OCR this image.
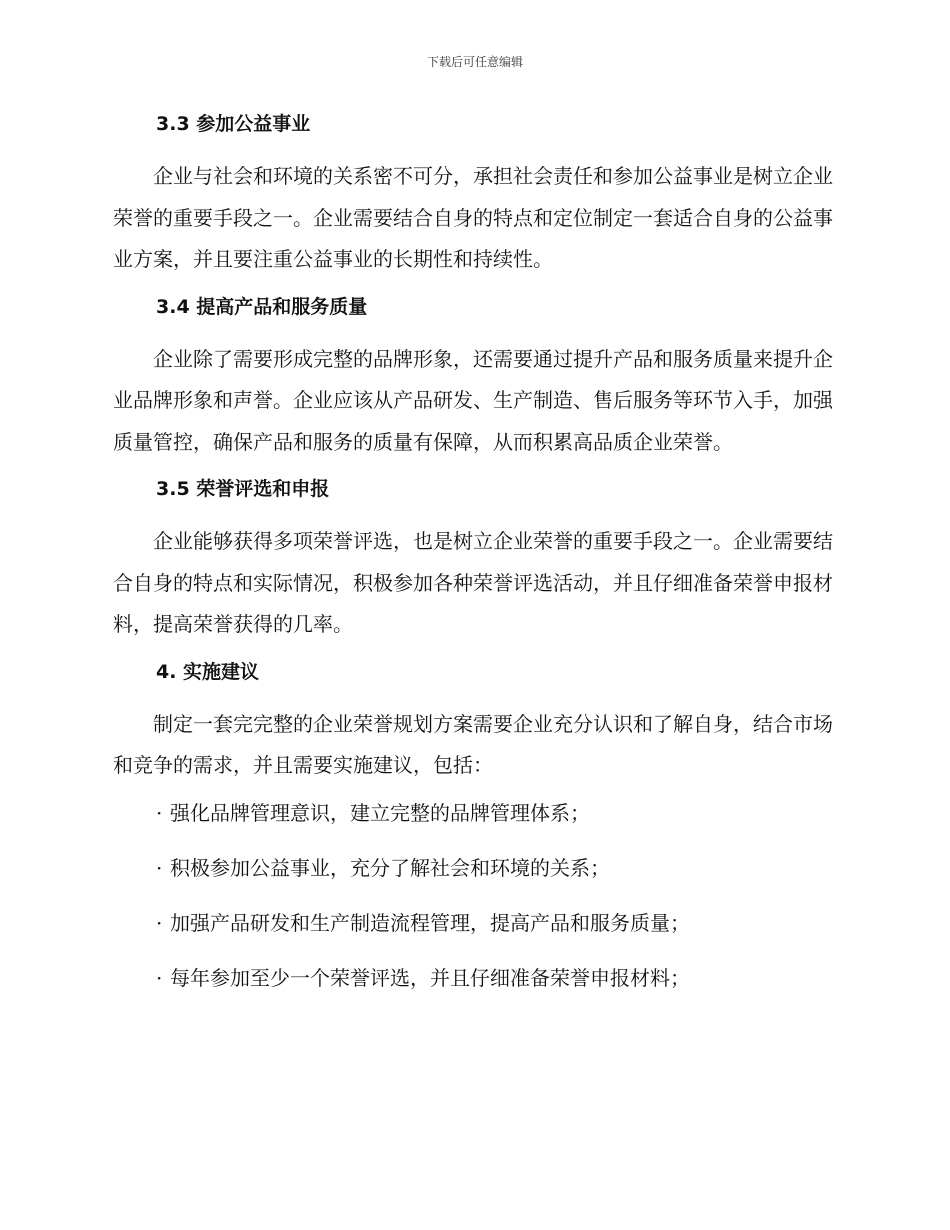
下载后可任意编辑
3.3 参加公益事业
企业与社会和环境的关系密不可分，承担社会责任和参加公益事业是树立企业荣誉的重要手段之一。企业需要结合自身的特点和定位制定一套适合自身的公益事业方案，并且要注重公益事业的长期性和持续性。
3.4 提高产品和服务质量
企业除了需要形成完整的品牌形象，还需要通过提升产品和服务质量来提升企业品牌形象和声誉。企业应该从产品研发、生产制造、售后服务等环节入手，加强质量管控，确保产品和服务的质量有保障，从而积累高品质企业荣誉。
3.5 荣誉评选和申报
企业能够获得多项荣誉评选，也是树立企业荣誉的重要手段之一。企业需要结合自身的特点和实际情况，积极参加各种荣誉评选活动，并且仔细准备荣誉申报材料，提高荣誉获得的几率。
4. 实施建议
制定一套完完整的企业荣誉规划方案需要企业充分认识和了解自身，结合市场和竞争的需求，并且需要实施建议，包括：
· 强化品牌管理意识，建立完整的品牌管理体系；
· 积极参加公益事业，充分了解社会和环境的关系；
· 加强产品研发和生产制造流程管理，提高产品和服务质量；
· 每年参加至少一个荣誉评选，并且仔细准备荣誉申报材料；
